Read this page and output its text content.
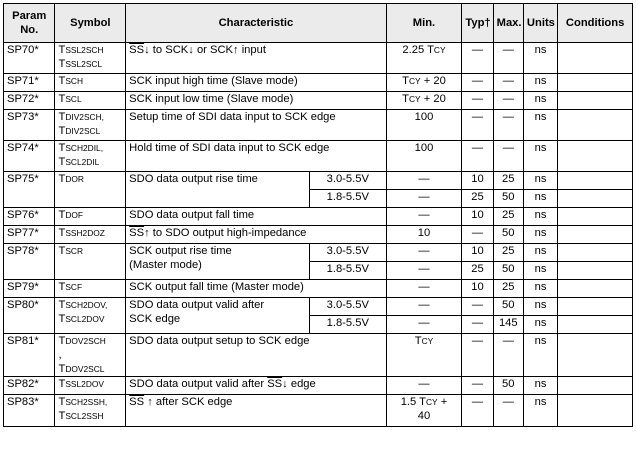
Param
No.	Symbol	Characteristic		Min.	Typ†	Max.	Units	Conditions
SP70*	TSSL2SCH
TSSL2SCL	$\overline{SS}↓$ to SCK↓ or SCK↑ input		2.25 TCY	—	—	ns	
SP71*	TSCH	SCK input high time (Slave mode)		TCY + 20	—	—	ns	
SP72*	TSCL	SCK input low time (Slave mode)		TCY + 20	—	—	ns	
SP73*	TDIV2SCH,
TDIV2SCL	Setup time of SDI data input to SCK edge		100	—	—	ns	
SP74*	TSCH2DIL,
TSCL2DIL	Hold time of SDI data input to SCK edge		100	—	—	ns	
SP75*	TDOR	SDO data output rise time	3.0-5.5V	—	10	25	ns	
			1.8-5.5V	—	25	50	ns	
SP76*	TDOF	SDO data output fall time		—	10	25	ns	
SP77*	TSSH2DOZ	$\overline{SS}↑$ to SDO output high-impedance		10	—	50	ns	
SP78*	TSCR	SCK output rise time
(Master mode)	3.0-5.5V	—	10	25	ns	
			1.8-5.5V	—	25	50	ns	
SP79*	TSCF	SCK output fall time (Master mode)		—	10	25	ns	
SP80*	TSCH2DOV,
TSCL2DOV	SDO data output valid after
SCK edge	3.0-5.5V	—	—	50	ns	
			1.8-5.5V	—	—	145	ns	
SP81*	TDOV2SCH
,
TDOV2SCL	SDO data output setup to SCK edge		TCY	—	—	ns	
SP82*	TSSL2DOV	SDO data output valid after $\overline{SS}↓$ edge		—	—	50	ns	
SP83*	TSCH2SSH,
TSCL2SSH	$\overline{SS}$ ↑ after SCK edge		1.5 TCY +
40	—	—	ns	
